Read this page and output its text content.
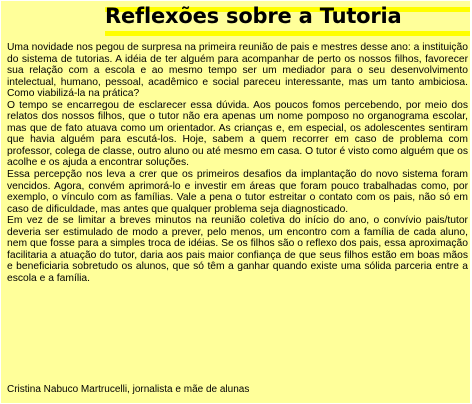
Reflexões sobre a Tutoria

Uma novidade nos pegou de surpresa na primeira reunião de pais e mestres desse ano: a instituição do sistema de tutorias. A idéia de ter alguém para acompanhar de perto os nossos filhos, favorecer sua relação com a escola e ao mesmo tempo ser um mediador para o seu desenvolvimento intelectual, humano, pessoal, acadêmico e social pareceu interessante, mas um tanto ambiciosa. Como viabilizá-la na prática?

O tempo se encarregou de esclarecer essa dúvida. Aos poucos fomos percebendo, por meio dos relatos dos nossos filhos, que o tutor não era apenas um nome pomposo no organograma escolar, mas que de fato atuava como um orientador. As crianças e, em especial, os adolescentes sentiram que havia alguém para escutá-los. Hoje, sabem a quem recorrer em caso de problema com professor, colega de classe, outro aluno ou até mesmo em casa. O tutor é visto como alguém que os acolhe e os ajuda a encontrar soluções.

Essa percepção nos leva a crer que os primeiros desafios da implantação do novo sistema foram vencidos. Agora, convém aprimorá-lo e investir em áreas que foram pouco trabalhadas como, por exemplo, o vínculo com as famílias. Vale a pena o tutor estreitar o contato com os pais, não só em caso de dificuldade, mas antes que qualquer problema seja diagnosticado.

Em vez de se limitar a breves minutos na reunião coletiva do início do ano, o convívio pais/tutor deveria ser estimulado de modo a prever, pelo menos, um encontro com a família de cada aluno, nem que fosse para a simples troca de idéias. Se os filhos são o reflexo dos pais, essa aproximação facilitaria a atuação do tutor, daria aos pais maior confiança de que seus filhos estão em boas mãos e beneficiaria sobretudo os alunos, que só têm a ganhar quando existe uma sólida parceria entre a escola e a família.

Cristina Nabuco Martrucelli, jornalista e mãe de alunas
